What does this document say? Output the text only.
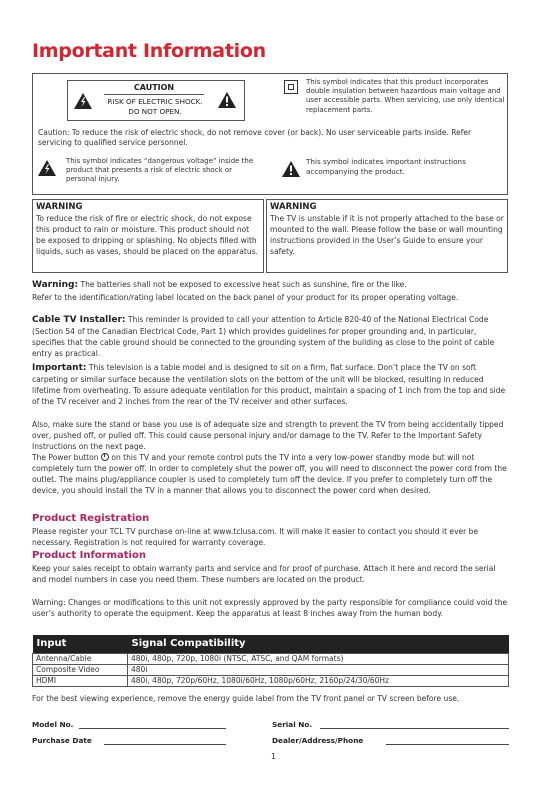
Important Information
CAUTION
RISK OF ELECTRIC SHOCK.
DO NOT OPEN.
This symbol indicates that this product incorporates double insulation between hazardous main voltage and user accessible parts. When servicing, use only identical replacement parts.
Caution: To reduce the risk of electric shock, do not remove cover (or back). No user serviceable parts inside. Refer servicing to qualified service personnel.
This symbol indicates “dangerous voltage” inside the product that presents a risk of electric shock or personal injury.
This symbol indicates important instructions accompanying the product.
WARNING
To reduce the risk of fire or electric shock, do not expose this product to rain or moisture. This product should not be exposed to dripping or splashing. No objects filled with liquids, such as vases, should be placed on the apparatus.
WARNING
The TV is unstable if it is not properly attached to the base or mounted to the wall. Please follow the base or wall mounting instructions provided in the User’s Guide to ensure your safety.
Warning: The batteries shall not be exposed to excessive heat such as sunshine, fire or the like.
Refer to the identification/rating label located on the back panel of your product for its proper operating voltage.
Cable TV Installer: This reminder is provided to call your attention to Article 820-40 of the National Electrical Code (Section 54 of the Canadian Electrical Code, Part 1) which provides guidelines for proper grounding and, in particular, specifies that the cable ground should be connected to the grounding system of the building as close to the point of cable entry as practical.
Important: This television is a table model and is designed to sit on a firm, flat surface. Don’t place the TV on soft carpeting or similar surface because the ventilation slots on the bottom of the unit will be blocked, resulting in reduced lifetime from overheating. To assure adequate ventilation for this product, maintain a spacing of 1 inch from the top and side of the TV receiver and 2 inches from the rear of the TV receiver and other surfaces.
Also, make sure the stand or base you use is of adequate size and strength to prevent the TV from being accidentally tipped over, pushed off, or pulled off. This could cause personal injury and/or damage to the TV. Refer to the Important Safety Instructions on the next page.
The Power button
on this TV and your remote control puts the TV into a very low-power standby mode but will not completely turn the power off. In order to completely shut the power off, you will need to disconnect the power cord from the outlet. The mains plug/appliance coupler is used to completely turn off the device. If you prefer to completely turn off the device, you should install the TV in a manner that allows you to disconnect the power cord when desired.
Product Registration
Please register your TCL TV purchase on-line at www.tclusa.com. It will make it easier to contact you should it ever be necessary. Registration is not required for warranty coverage.
Product Information
Keep your sales receipt to obtain warranty parts and service and for proof of purchase. Attach it here and record the serial and model numbers in case you need them. These numbers are located on the product.
Warning: Changes or modifications to this unit not expressly approved by the party responsible for compliance could void the user’s authority to operate the equipment. Keep the apparatus at least 8 inches away from the human body.
Input	Signal Compatibility
Antenna/Cable	480i, 480p, 720p, 1080i (NTSC, ATSC, and QAM formats)
Composite Video	480i
HDMI	480i, 480p, 720p/60Hz, 1080i/60Hz, 1080p/60Hz, 2160p/24/30/60Hz
For the best viewing experience, remove the energy guide label from the TV front panel or TV screen before use.
Model No.	Serial No.
Purchase Date	Dealer/Address/Phone
1
